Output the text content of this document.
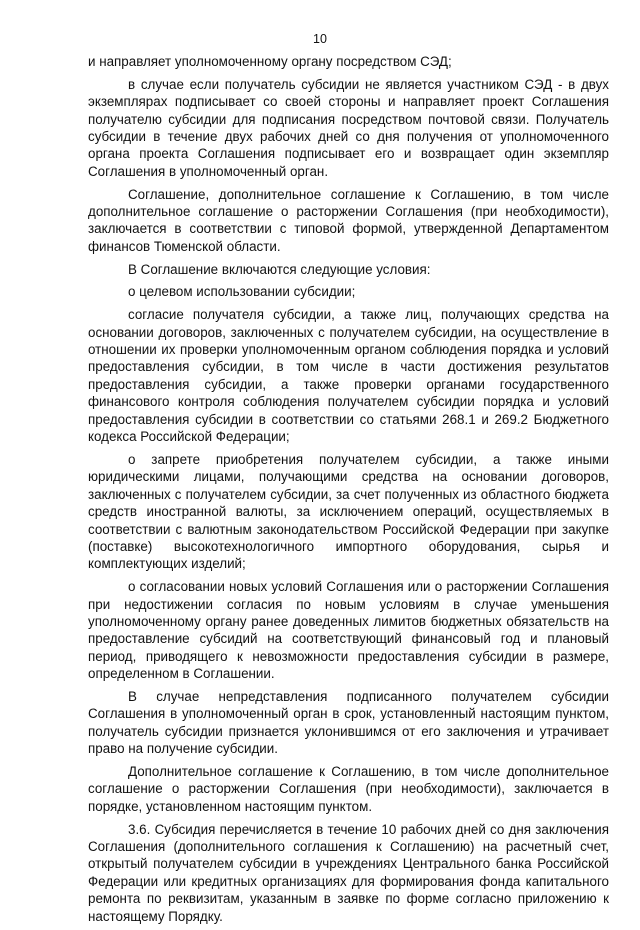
10

и направляет уполномоченному органу посредством СЭД;

в случае если получатель субсидии не является участником СЭД - в двух экземплярах подписывает со своей стороны и направляет проект Соглашения получателю субсидии для подписания посредством почтовой связи. Получатель субсидии в течение двух рабочих дней со дня получения от уполномоченного органа проекта Соглашения подписывает его и возвращает один экземпляр Соглашения в уполномоченный орган.

Соглашение, дополнительное соглашение к Соглашению, в том числе дополнительное соглашение о расторжении Соглашения (при необходимости), заключается в соответствии с типовой формой, утвержденной Департаментом финансов Тюменской области.

В Соглашение включаются следующие условия:

о целевом использовании субсидии;

согласие получателя субсидии, а также лиц, получающих средства на основании договоров, заключенных с получателем субсидии, на осуществление в отношении их проверки уполномоченным органом соблюдения порядка и условий предоставления субсидии, в том числе в части достижения результатов предоставления субсидии, а также проверки органами государственного финансового контроля соблюдения получателем субсидии порядка и условий предоставления субсидии в соответствии со статьями 268.1 и 269.2 Бюджетного кодекса Российской Федерации;

о запрете приобретения получателем субсидии, а также иными юридическими лицами, получающими средства на основании договоров, заключенных с получателем субсидии, за счет полученных из областного бюджета средств иностранной валюты, за исключением операций, осуществляемых в соответствии с валютным законодательством Российской Федерации при закупке (поставке) высокотехнологичного импортного оборудования, сырья и комплектующих изделий;

о согласовании новых условий Соглашения или о расторжении Соглашения при недостижении согласия по новым условиям в случае уменьшения уполномоченному органу ранее доведенных лимитов бюджетных обязательств на предоставление субсидий на соответствующий финансовый год и плановый период, приводящего к невозможности предоставления субсидии в размере, определенном в Соглашении.

В случае непредставления подписанного получателем субсидии Соглашения в уполномоченный орган в срок, установленный настоящим пунктом, получатель субсидии признается уклонившимся от его заключения и утрачивает право на получение субсидии.

Дополнительное соглашение к Соглашению, в том числе дополнительное соглашение о расторжении Соглашения (при необходимости), заключается в порядке, установленном настоящим пунктом.

3.6. Субсидия перечисляется в течение 10 рабочих дней со дня заключения Соглашения (дополнительного соглашения к Соглашению) на расчетный счет, открытый получателем субсидии в учреждениях Центрального банка Российской Федерации или кредитных организациях для формирования фонда капитального ремонта по реквизитам, указанным в заявке по форме согласно приложению к настоящему Порядку.
